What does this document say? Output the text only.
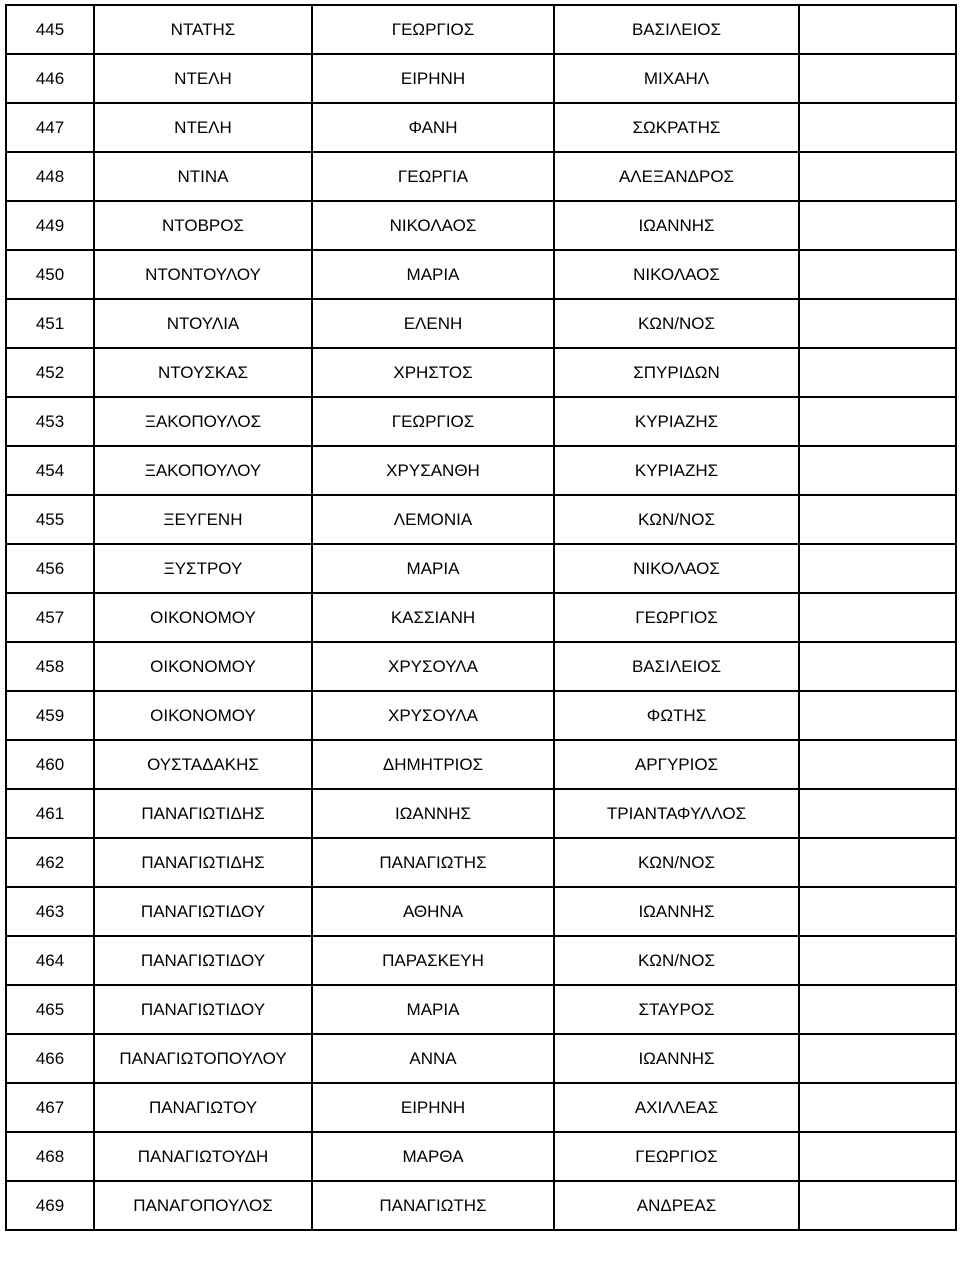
445	ΝΤΑΤΗΣ	ΓΕΩΡΓΙΟΣ	ΒΑΣΙΛΕΙΟΣ	
446	ΝΤΕΛΗ	ΕΙΡΗΝΗ	ΜΙΧΑΗΛ	
447	ΝΤΕΛΗ	ΦΑΝΗ	ΣΩΚΡΑΤΗΣ	
448	ΝΤΙΝΑ	ΓΕΩΡΓΙΑ	ΑΛΕΞΑΝΔΡΟΣ	
449	ΝΤΟΒΡΟΣ	ΝΙΚΟΛΑΟΣ	ΙΩΑΝΝΗΣ	
450	ΝΤΟΝΤΟΥΛΟΥ	ΜΑΡΙΑ	ΝΙΚΟΛΑΟΣ	
451	ΝΤΟΥΛΙΑ	ΕΛΕΝΗ	ΚΩΝ/ΝΟΣ	
452	ΝΤΟΥΣΚΑΣ	ΧΡΗΣΤΟΣ	ΣΠΥΡΙΔΩΝ	
453	ΞΑΚΟΠΟΥΛΟΣ	ΓΕΩΡΓΙΟΣ	ΚΥΡΙΑΖΗΣ	
454	ΞΑΚΟΠΟΥΛΟΥ	ΧΡΥΣΑΝΘΗ	ΚΥΡΙΑΖΗΣ	
455	ΞΕΥΓΕΝΗ	ΛΕΜΟΝΙΑ	ΚΩΝ/ΝΟΣ	
456	ΞΥΣΤΡΟΥ	ΜΑΡΙΑ	ΝΙΚΟΛΑΟΣ	
457	ΟΙΚΟΝΟΜΟΥ	ΚΑΣΣΙΑΝΗ	ΓΕΩΡΓΙΟΣ	
458	ΟΙΚΟΝΟΜΟΥ	ΧΡΥΣΟΥΛΑ	ΒΑΣΙΛΕΙΟΣ	
459	ΟΙΚΟΝΟΜΟΥ	ΧΡΥΣΟΥΛΑ	ΦΩΤΗΣ	
460	ΟΥΣΤΑΔΑΚΗΣ	ΔΗΜΗΤΡΙΟΣ	ΑΡΓΥΡΙΟΣ	
461	ΠΑΝΑΓΙΩΤΙΔΗΣ	ΙΩΑΝΝΗΣ	ΤΡΙΑΝΤΑΦΥΛΛΟΣ	
462	ΠΑΝΑΓΙΩΤΙΔΗΣ	ΠΑΝΑΓΙΩΤΗΣ	ΚΩΝ/ΝΟΣ	
463	ΠΑΝΑΓΙΩΤΙΔΟΥ	ΑΘΗΝΑ	ΙΩΑΝΝΗΣ	
464	ΠΑΝΑΓΙΩΤΙΔΟΥ	ΠΑΡΑΣΚΕΥΗ	ΚΩΝ/ΝΟΣ	
465	ΠΑΝΑΓΙΩΤΙΔΟΥ	ΜΑΡΙΑ	ΣΤΑΥΡΟΣ	
466	ΠΑΝΑΓΙΩΤΟΠΟΥΛΟΥ	ΑΝΝΑ	ΙΩΑΝΝΗΣ	
467	ΠΑΝΑΓΙΩΤΟΥ	ΕΙΡΗΝΗ	ΑΧΙΛΛΕΑΣ	
468	ΠΑΝΑΓΙΩΤΟΥΔΗ	ΜΑΡΘΑ	ΓΕΩΡΓΙΟΣ	
469	ΠΑΝΑΓΟΠΟΥΛΟΣ	ΠΑΝΑΓΙΩΤΗΣ	ΑΝΔΡΕΑΣ	
